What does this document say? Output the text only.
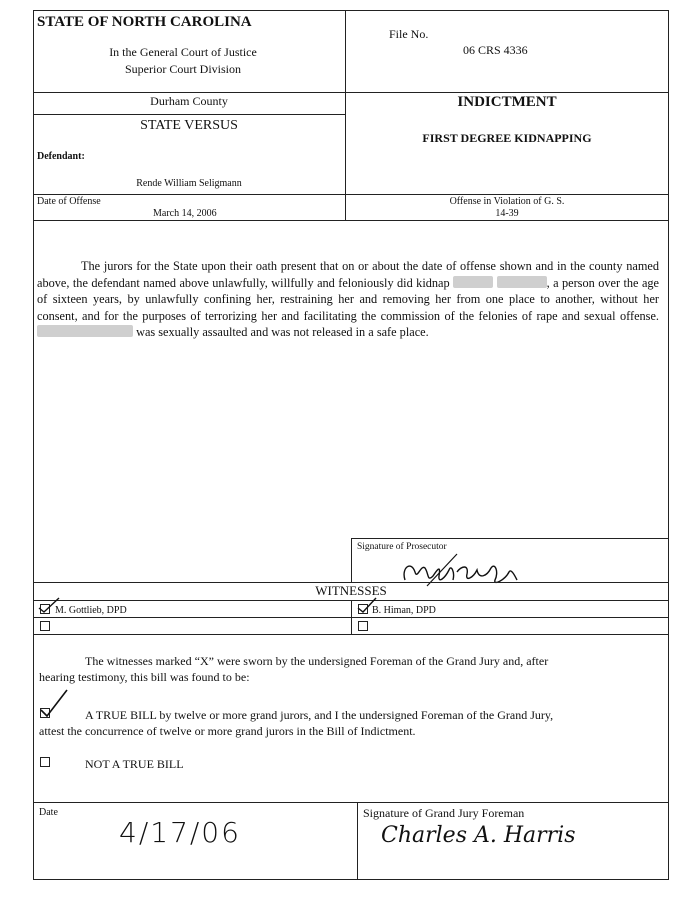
STATE OF NORTH CAROLINA
In the General Court of Justice
Superior Court Division
File No.
06 CRS 4336
Durham County
STATE VERSUS
Defendant:
Rende William Seligmann
INDICTMENT
FIRST DEGREE KIDNAPPING
Date of Offense
March 14, 2006
Offense in Violation of G. S.
14-39
The jurors for the State upon their oath present that on or about the date of offense shown and in the county named above, the defendant named above unlawfully, willfully and feloniously did kidnap	, a person over the age of sixteen years, by unlawfully confining her, restraining her and removing her from one place to another, without her consent, and for the purposes of terrorizing her and facilitating the commission of the felonies of rape and sexual offense.  was sexually assaulted and was not released in a safe place.
Signature of Prosecutor
WITNESSES
M. Gottlieb, DPD	B. Himan, DPD
The witnesses marked “X” were sworn by the undersigned Foreman of the Grand Jury and, after
hearing testimony, this bill was found to be:
A TRUE BILL by twelve or more grand jurors, and I the undersigned Foreman of the Grand Jury,
attest the concurrence of twelve or more grand jurors in the Bill of Indictment.
NOT A TRUE BILL
Date
4/17/06
Signature of Grand Jury Foreman
Charles A. Harris
